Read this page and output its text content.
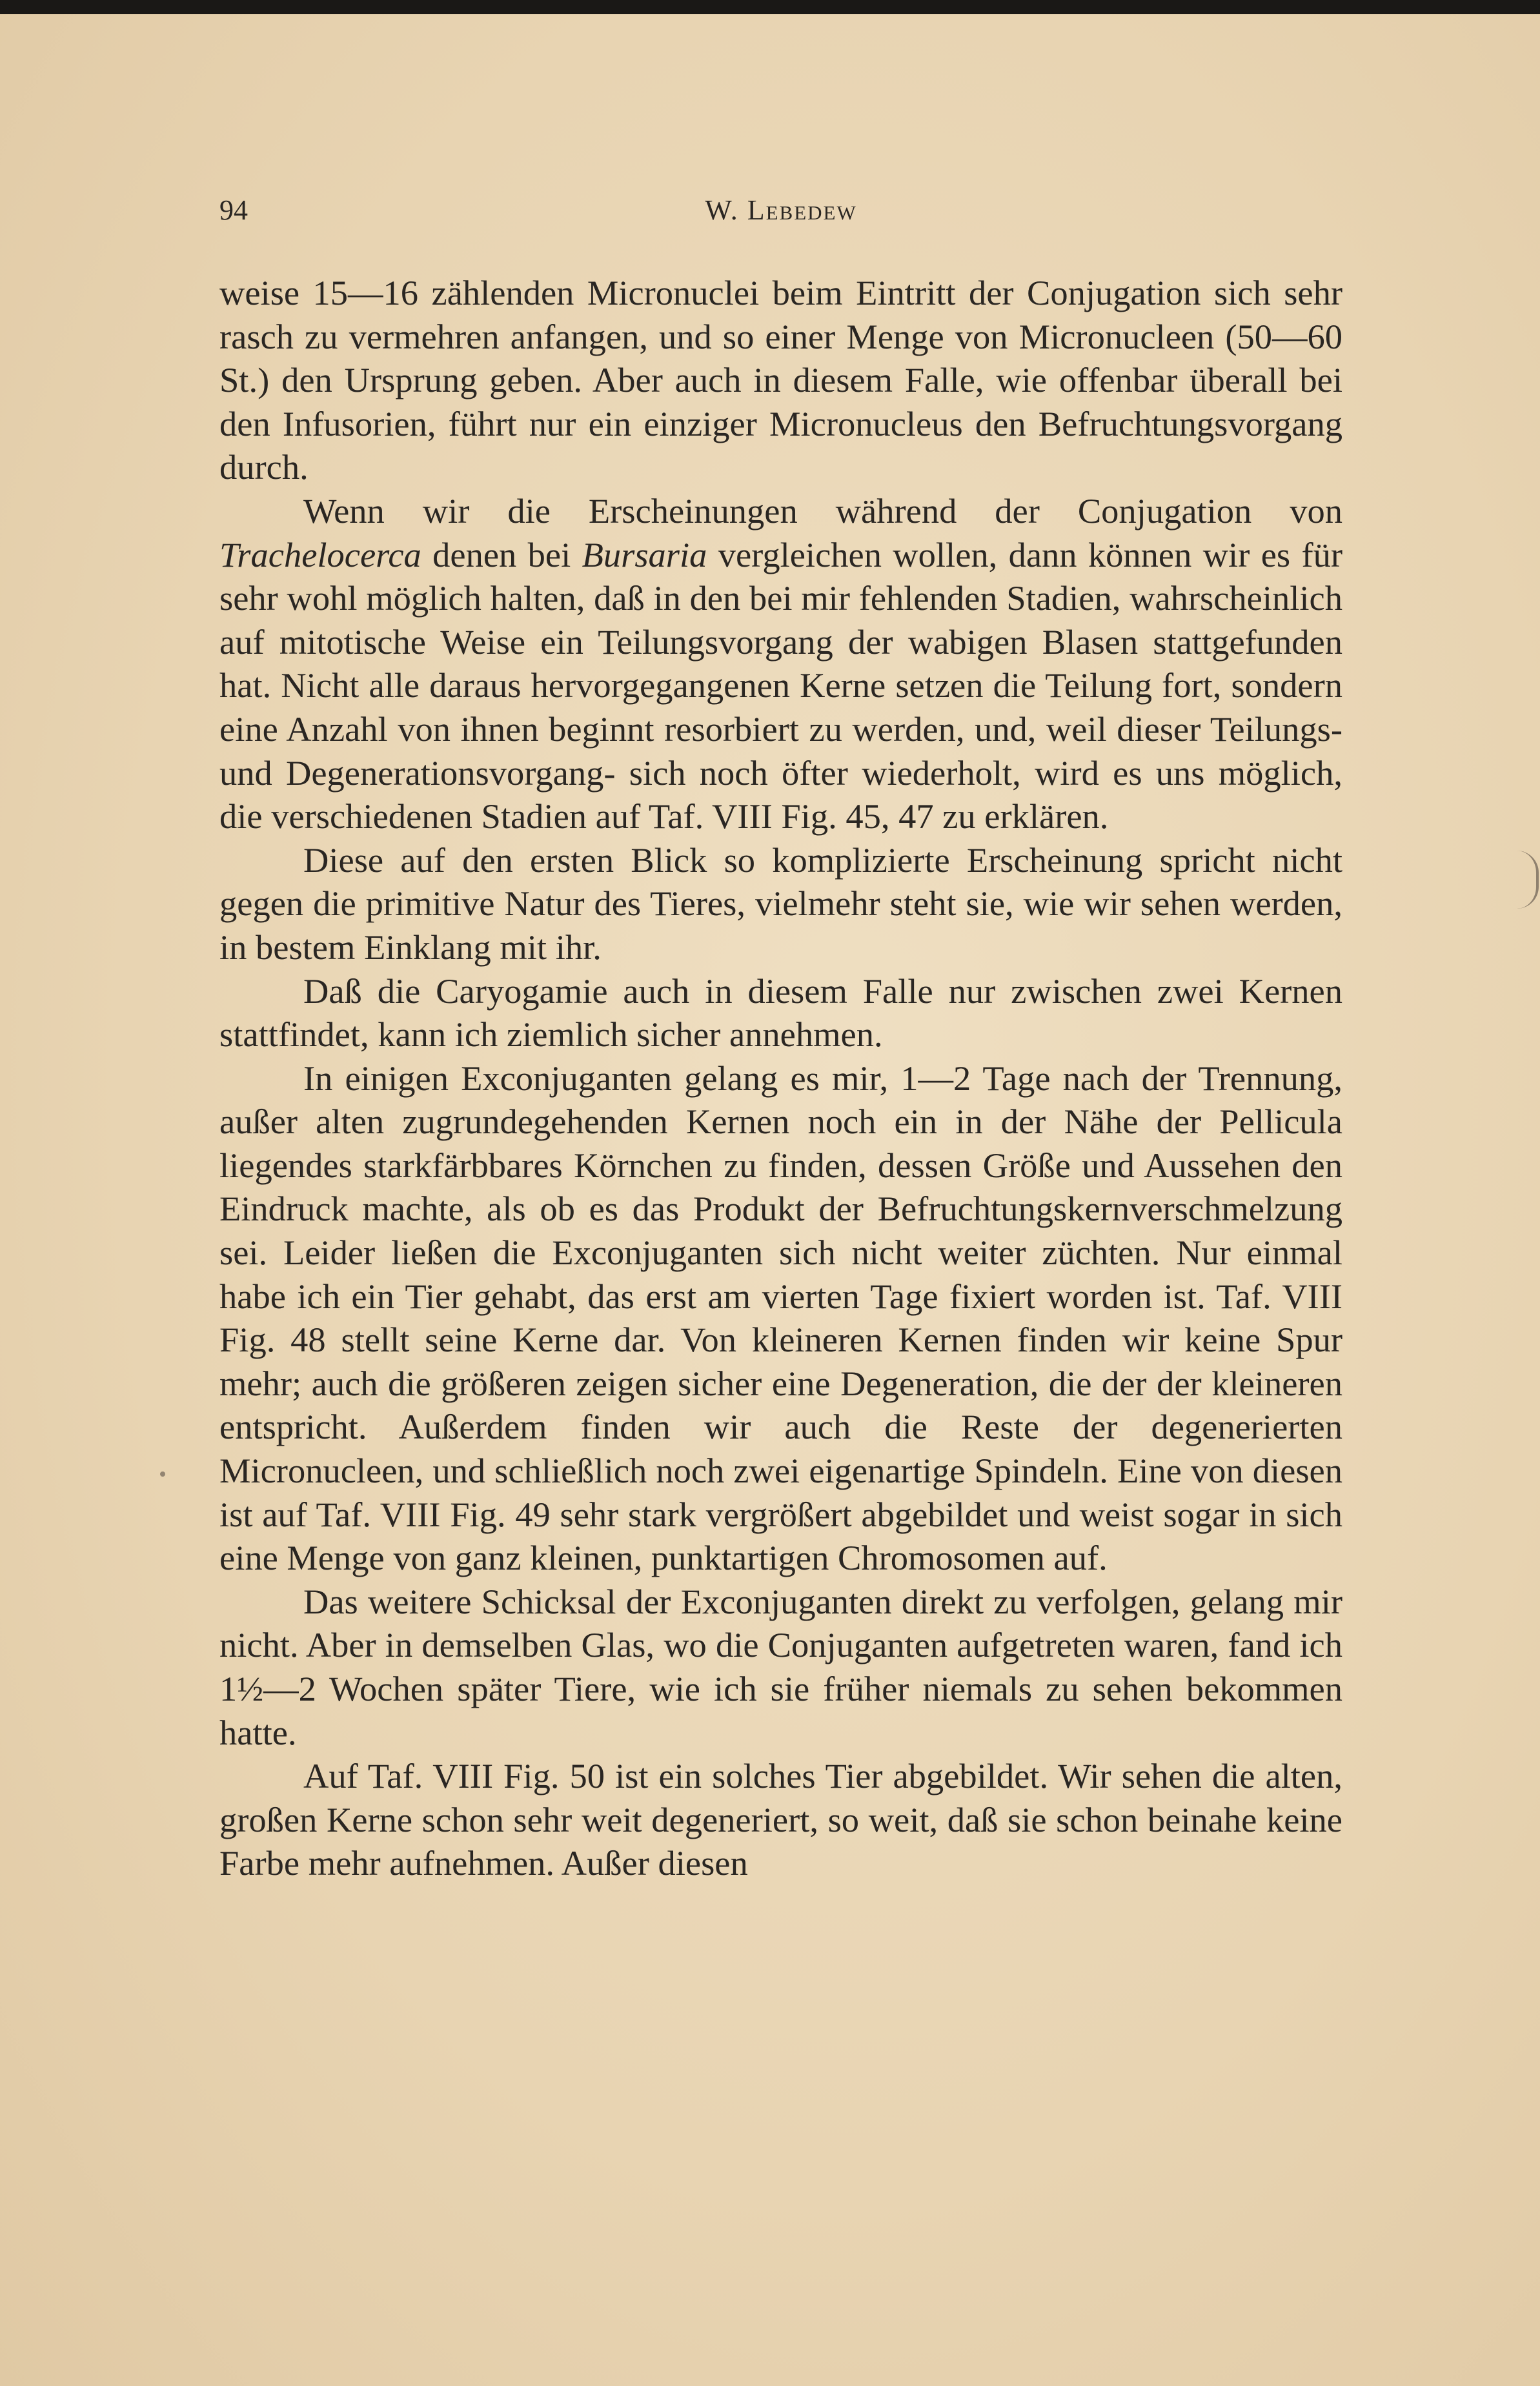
94	W. Lebedew

weise 15—16 zählenden Micronuclei beim Eintritt der Conjugation sich sehr rasch zu vermehren anfangen, und so einer Menge von Micronucleen (50—60 St.) den Ursprung geben. Aber auch in diesem Falle, wie offenbar überall bei den Infusorien, führt nur ein einziger Micronucleus den Befruchtungsvorgang durch.

Wenn wir die Erscheinungen während der Conjugation von Trachelocerca denen bei Bursaria vergleichen wollen, dann können wir es für sehr wohl möglich halten, daß in den bei mir fehlenden Stadien, wahrscheinlich auf mitotische Weise ein Teilungsvorgang der wabigen Blasen stattgefunden hat. Nicht alle daraus hervorgegangenen Kerne setzen die Teilung fort, sondern eine Anzahl von ihnen beginnt resorbiert zu werden, und, weil dieser Teilungs- und Degenerationsvorgang- sich noch öfter wiederholt, wird es uns möglich, die verschiedenen Stadien auf Taf. VIII Fig. 45, 47 zu erklären.

Diese auf den ersten Blick so komplizierte Erscheinung spricht nicht gegen die primitive Natur des Tieres, vielmehr steht sie, wie wir sehen werden, in bestem Einklang mit ihr.

Daß die Caryogamie auch in diesem Falle nur zwischen zwei Kernen stattfindet, kann ich ziemlich sicher annehmen.

In einigen Exconjuganten gelang es mir, 1—2 Tage nach der Trennung, außer alten zugrundegehenden Kernen noch ein in der Nähe der Pellicula liegendes starkfärbbares Körnchen zu finden, dessen Größe und Aussehen den Eindruck machte, als ob es das Produkt der Befruchtungskernverschmelzung sei. Leider ließen die Exconjuganten sich nicht weiter züchten. Nur einmal habe ich ein Tier gehabt, das erst am vierten Tage fixiert worden ist. Taf. VIII Fig. 48 stellt seine Kerne dar. Von kleineren Kernen finden wir keine Spur mehr; auch die größeren zeigen sicher eine Degeneration, die der der kleineren entspricht. Außerdem finden wir auch die Reste der degenerierten Micronucleen, und schließlich noch zwei eigenartige Spindeln. Eine von diesen ist auf Taf. VIII Fig. 49 sehr stark vergrößert abgebildet und weist sogar in sich eine Menge von ganz kleinen, punktartigen Chromosomen auf.

Das weitere Schicksal der Exconjuganten direkt zu verfolgen, gelang mir nicht. Aber in demselben Glas, wo die Conjuganten aufgetreten waren, fand ich 1½—2 Wochen später Tiere, wie ich sie früher niemals zu sehen bekommen hatte.

Auf Taf. VIII Fig. 50 ist ein solches Tier abgebildet. Wir sehen die alten, großen Kerne schon sehr weit degeneriert, so weit, daß sie schon beinahe keine Farbe mehr aufnehmen. Außer diesen
